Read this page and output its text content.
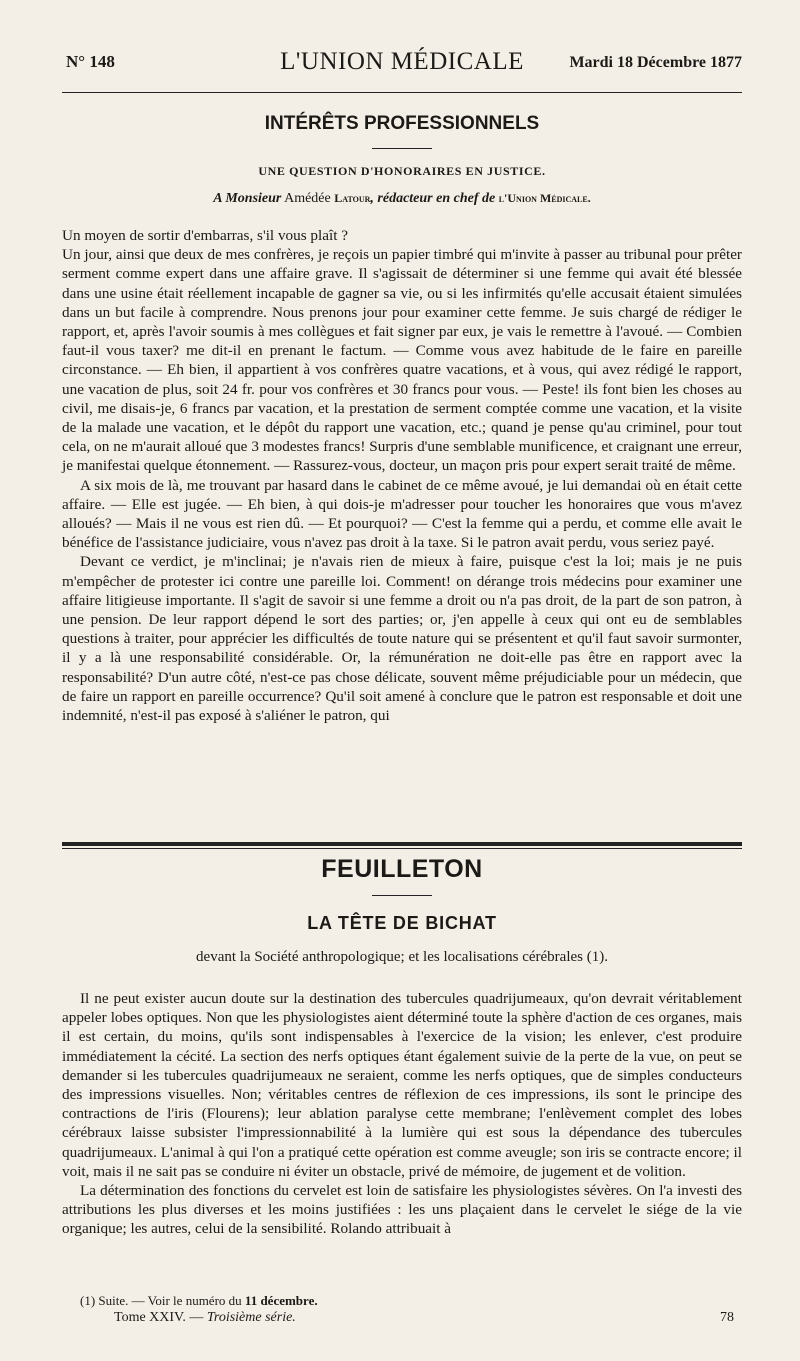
N° 148	L'UNION MÉDICALE	Mardi 18 Décembre 1877
INTÉRÊTS PROFESSIONNELS
UNE QUESTION D'HONORAIRES EN JUSTICE.
A Monsieur Amédée Latour, rédacteur en chef de l'Union Médicale.

Un moyen de sortir d'embarras, s'il vous plaît ?

Un jour, ainsi que deux de mes confrères, je reçois un papier timbré qui m'invite à passer au tribunal pour prêter serment comme expert dans une affaire grave. Il s'agissait de déterminer si une femme qui avait été blessée dans une usine était réellement incapable de gagner sa vie, ou si les infirmités qu'elle accusait étaient simulées dans un but facile à comprendre. Nous prenons jour pour examiner cette femme. Je suis chargé de rédiger le rapport, et, après l'avoir soumis à mes collègues et fait signer par eux, je vais le remettre à l'avoué. — Combien faut-il vous taxer? me dit-il en prenant le factum. — Comme vous avez habitude de le faire en pareille circonstance. — Eh bien, il appartient à vos confrères quatre vacations, et à vous, qui avez rédigé le rapport, une vacation de plus, soit 24 fr. pour vos confrères et 30 francs pour vous. — Peste! ils font bien les choses au civil, me disais-je, 6 francs par vacation, et la prestation de serment comptée comme une vacation, et la visite de la malade une vacation, et le dépôt du rapport une vacation, etc.; quand je pense qu'au criminel, pour tout cela, on ne m'aurait alloué que 3 modestes francs! Surpris d'une semblable munificence, et craignant une erreur, je manifestai quelque étonnement. — Rassurez-vous, docteur, un maçon pris pour expert serait traité de même.

A six mois de là, me trouvant par hasard dans le cabinet de ce même avoué, je lui demandai où en était cette affaire. — Elle est jugée. — Eh bien, à qui dois-je m'adresser pour toucher les honoraires que vous m'avez alloués? — Mais il ne vous est rien dû. — Et pourquoi? — C'est la femme qui a perdu, et comme elle avait le bénéfice de l'assistance judiciaire, vous n'avez pas droit à la taxe. Si le patron avait perdu, vous seriez payé.

Devant ce verdict, je m'inclinai; je n'avais rien de mieux à faire, puisque c'est la loi; mais je ne puis m'empêcher de protester ici contre une pareille loi. Comment! on dérange trois médecins pour examiner une affaire litigieuse importante. Il s'agit de savoir si une femme a droit ou n'a pas droit, de la part de son patron, à une pension. De leur rapport dépend le sort des parties; or, j'en appelle à ceux qui ont eu de semblables questions à traiter, pour apprécier les difficultés de toute nature qui se présentent et qu'il faut savoir surmonter, il y a là une responsabilité considérable. Or, la rémunération ne doit-elle pas être en rapport avec la responsabilité? D'un autre côté, n'est-ce pas chose délicate, souvent même préjudiciable pour un médecin, que de faire un rapport en pareille occurrence? Qu'il soit amené à conclure que le patron est responsable et doit une indemnité, n'est-il pas exposé à s'aliéner le patron, qui

FEUILLETON
LA TÊTE DE BICHAT
devant la Société anthropologique; et les localisations cérébrales (1).

Il ne peut exister aucun doute sur la destination des tubercules quadrijumeaux, qu'on devrait véritablement appeler lobes optiques. Non que les physiologistes aient déterminé toute la sphère d'action de ces organes, mais il est certain, du moins, qu'ils sont indispensables à l'exercice de la vision; les enlever, c'est produire immédiatement la cécité. La section des nerfs optiques étant également suivie de la perte de la vue, on peut se demander si les tubercules quadrijumeaux ne seraient, comme les nerfs optiques, que de simples conducteurs des impressions visuelles. Non; véritables centres de réflexion de ces impressions, ils sont le principe des contractions de l'iris (Flourens); leur ablation paralyse cette membrane; l'enlèvement complet des lobes cérébraux laisse subsister l'impressionnabilité à la lumière qui est sous la dépendance des tubercules quadrijumeaux. L'animal à qui l'on a pratiqué cette opération est comme aveugle; son iris se contracte encore; il voit, mais il ne sait pas se conduire ni éviter un obstacle, privé de mémoire, de jugement et de volition.

La détermination des fonctions du cervelet est loin de satisfaire les physiologistes sévères. On l'a investi des attributions les plus diverses et les moins justifiées : les uns plaçaient dans le cervelet le siége de la vie organique; les autres, celui de la sensibilité. Rolando attribuait à

(1) Suite. — Voir le numéro du 11 décembre.
Tome XXIV. — Troisième série.	78
